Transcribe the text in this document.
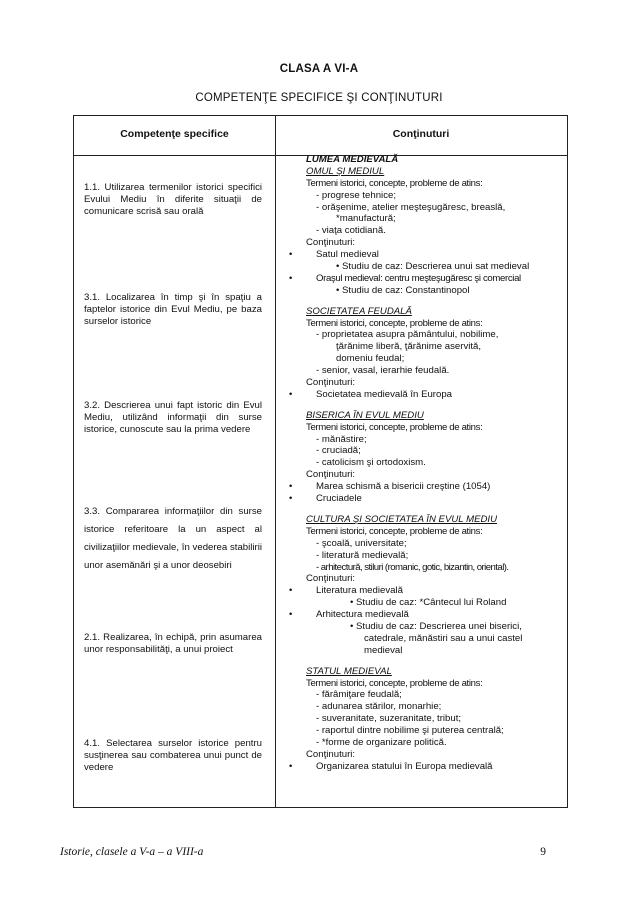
CLASA A VI-A
COMPETENŢE SPECIFICE ŞI CONŢINUTURI
Competenţe specifice	Conţinuturi
1.1. Utilizarea termenilor istorici specifici Evului Mediu în diferite situaţii de comunicare scrisă sau orală
3.1. Localizarea în timp şi în spaţiu a faptelor istorice din Evul Mediu, pe baza surselor istorice
3.2. Descrierea unui fapt istoric din Evul Mediu, utilizând informaţii din surse istorice, cunoscute sau la prima vedere
3.3. Compararea informaţiilor din surse istorice referitoare la un aspect al civilizaţiilor medievale, în vederea stabilirii unor asemănări şi a unor deosebiri
2.1. Realizarea, în echipă, prin asumarea unor responsabilităţi, a unui proiect
4.1. Selectarea surselor istorice pentru susţinerea sau combaterea unui punct de vedere
LUMEA MEDIEVALĂ
OMUL ŞI MEDIUL
Termeni istorici, concepte, probleme de atins:
- progrese tehnice;
- orăşenime, atelier meşteşugăresc, breaslă,
*manufactură;
- viaţa cotidiană.
Conţinuturi:
• Satul medieval
• Studiu de caz: Descrierea unui sat medieval
• Oraşul medieval: centru meşteşugăresc şi comercial
• Studiu de caz: Constantinopol
SOCIETATEA FEUDALĂ
Termeni istorici, concepte, probleme de atins:
- proprietatea asupra pământului, nobilime,
ţărănime liberă, ţărănime aservită,
domeniu feudal;
- senior, vasal, ierarhie feudală.
Conţinuturi:
• Societatea medievală în Europa
BISERICA ÎN EVUL MEDIU
Termeni istorici, concepte, probleme de atins:
- mănăstire;
- cruciadă;
- catolicism şi ortodoxism.
Conţinuturi:
• Marea schismă a bisericii creştine (1054)
• Cruciadele
CULTURA ŞI SOCIETATEA ÎN EVUL MEDIU
Termeni istorici, concepte, probleme de atins:
- şcoală, universitate;
- literatură medievală;
- arhitectură, stiluri (romanic, gotic, bizantin, oriental).
Conţinuturi:
• Literatura medievală
• Studiu de caz: *Cântecul lui Roland
• Arhitectura medievală
• Studiu de caz: Descrierea unei biserici,
catedrale, mănăstiri sau a unui castel
medieval
STATUL MEDIEVAL
Termeni istorici, concepte, probleme de atins:
- fărâmiţare feudală;
- adunarea stărilor, monarhie;
- suveranitate, suzeranitate, tribut;
- raportul dintre nobilime şi puterea centrală;
- *forme de organizare politică.
Conţinuturi:
• Organizarea statului în Europa medievală
Istorie, clasele a V-a – a VIII-a	9
